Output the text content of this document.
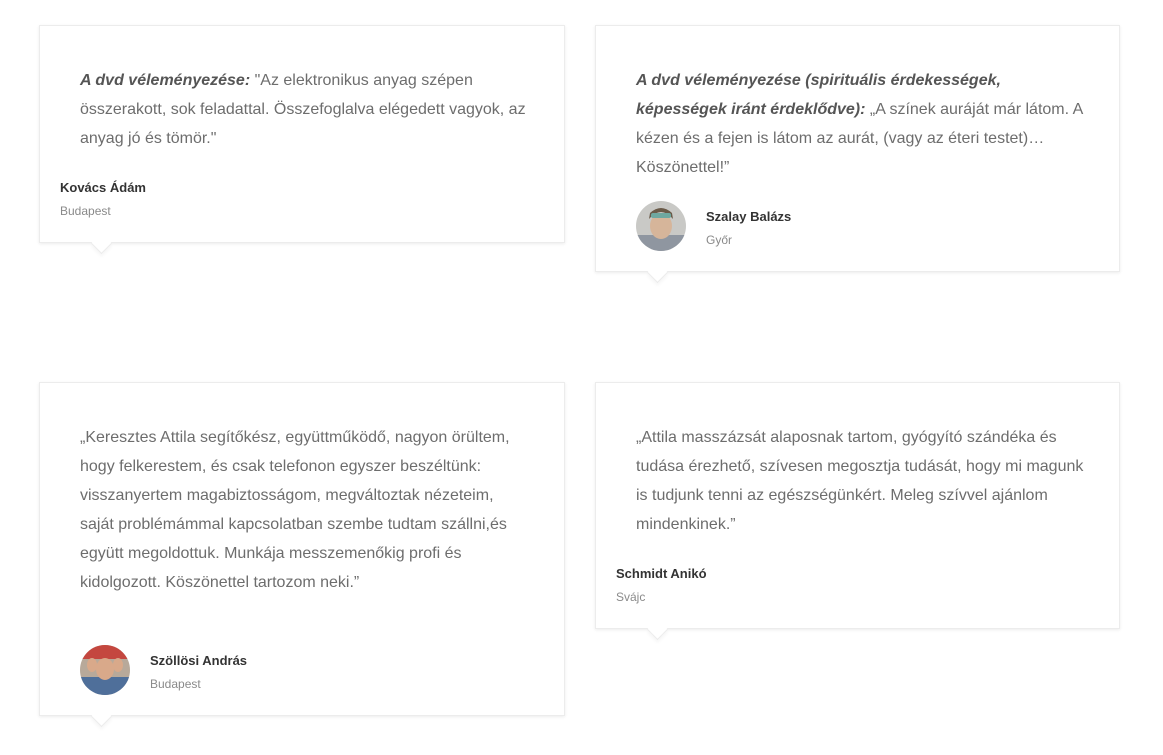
A dvd véleményezése: "Az elektronikus anyag szépen összerakott, sok feladattal. Összefoglalva elégedett vagyok, az anyag jó és tömör."

Kovács Ádám
Budapest

A dvd véleményezése (spirituális érdekességek, képességek iránt érdeklődve): „A színek auráját már látom. A kézen és a fejen is látom az aurát, (vagy az éteri testet)… Köszönettel!”

Szalay Balázs
Győr

„Keresztes Attila segítőkész, együttműködő, nagyon örültem, hogy felkerestem, és csak telefonon egyszer beszéltünk: visszanyertem magabiztosságom, megváltoztak nézeteim, saját problémámmal kapcsolatban szembe tudtam szállni,és együtt megoldottuk. Munkája messzemenőkig profi és kidolgozott. Köszönettel tartozom neki.”

Szöllösi András
Budapest

„Attila masszázsát alaposnak tartom, gyógyító szándéka és tudása érezhető, szívesen megosztja tudását, hogy mi magunk is tudjunk tenni az egészségünkért. Meleg szívvel ajánlom mindenkinek.”

Schmidt Anikó
Svájc
